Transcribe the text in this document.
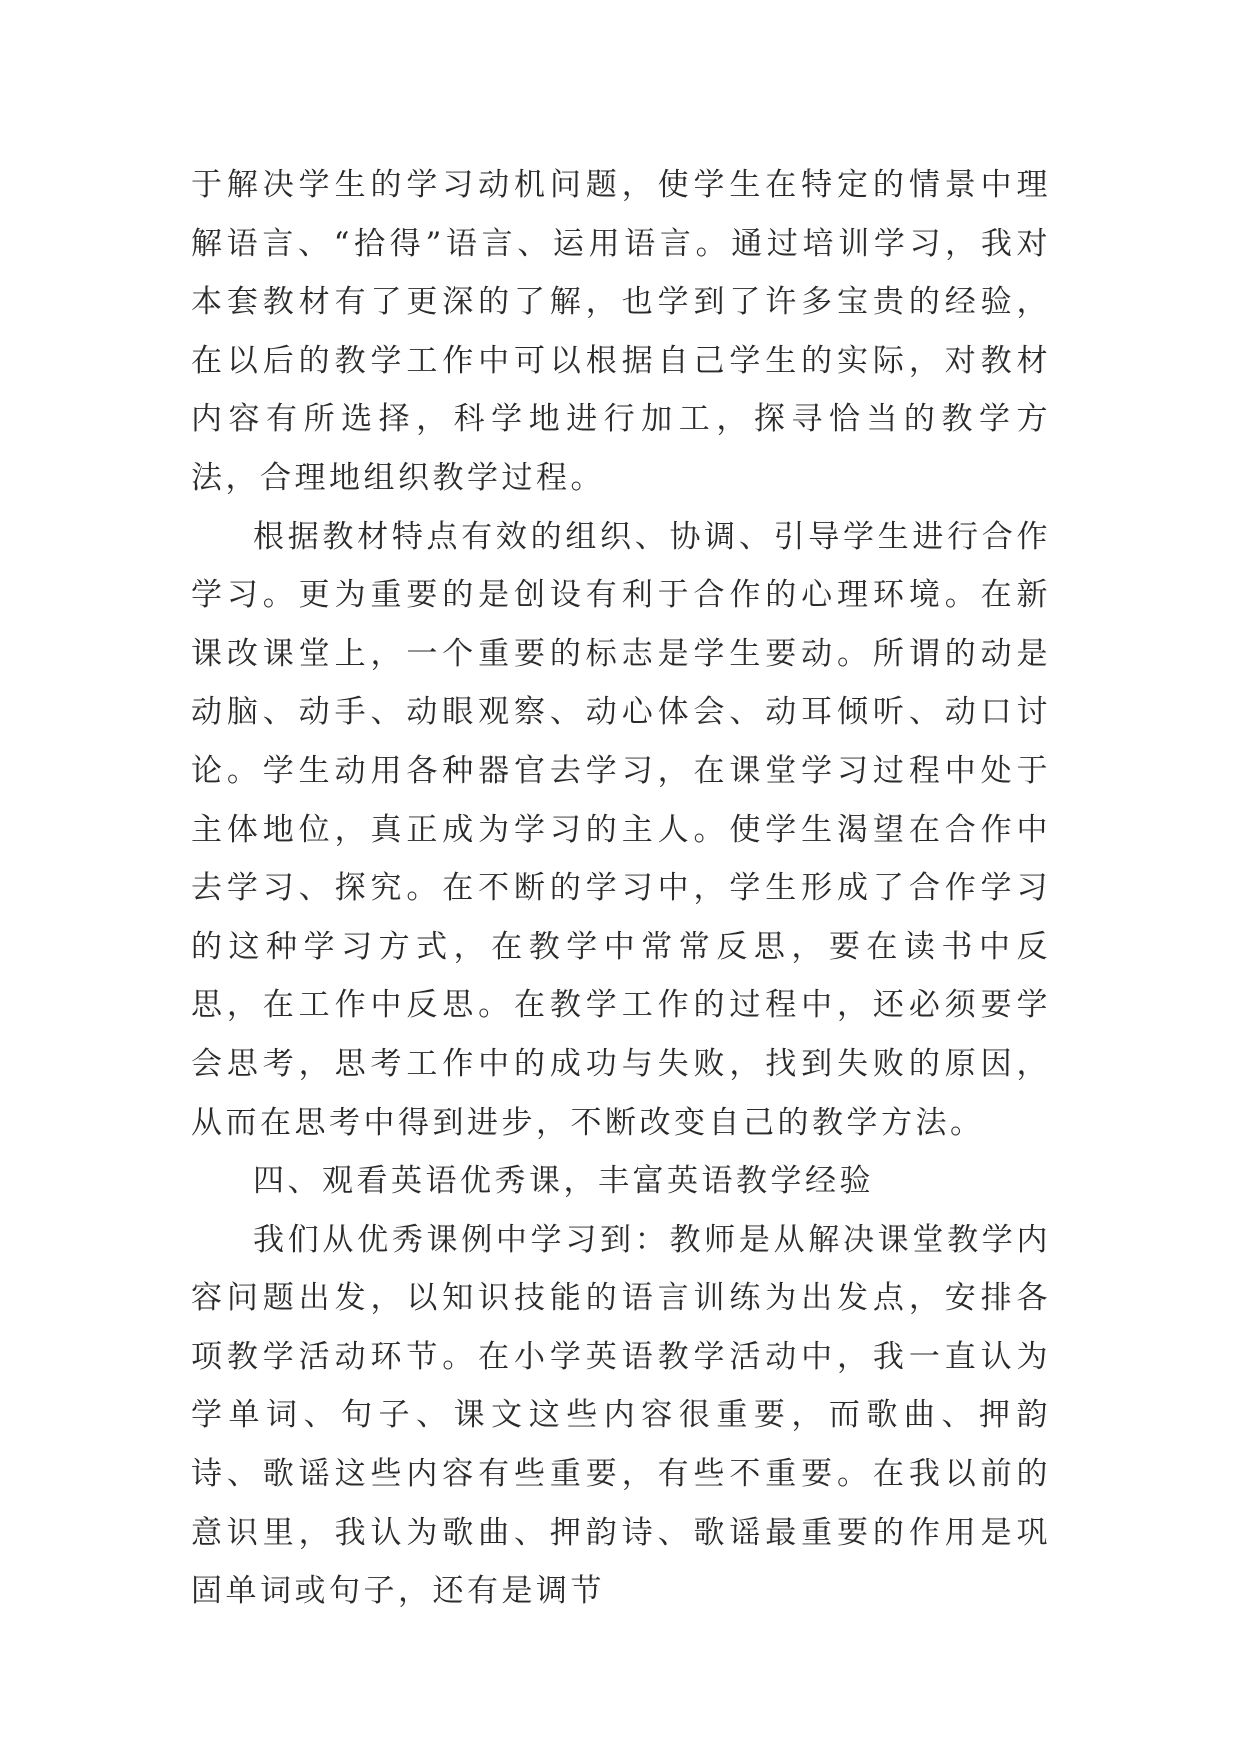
于解决学生的学习动机问题，使学生在特定的情景中理解语言、“拾得”语言、运用语言。通过培训学习，我对本套教材有了更深的了解，也学到了许多宝贵的经验，在以后的教学工作中可以根据自己学生的实际，对教材内容有所选择，科学地进行加工，探寻恰当的教学方法，合理地组织教学过程。

根据教材特点有效的组织、协调、引导学生进行合作学习。更为重要的是创设有利于合作的心理环境。在新课改课堂上，一个重要的标志是学生要动。所谓的动是动脑、动手、动眼观察、动心体会、动耳倾听、动口讨论。学生动用各种器官去学习，在课堂学习过程中处于主体地位，真正成为学习的主人。使学生渴望在合作中去学习、探究。在不断的学习中，学生形成了合作学习的这种学习方式，在教学中常常反思，要在读书中反思，在工作中反思。在教学工作的过程中，还必须要学会思考，思考工作中的成功与失败，找到失败的原因，从而在思考中得到进步，不断改变自己的教学方法。

四、观看英语优秀课，丰富英语教学经验

我们从优秀课例中学习到：教师是从解决课堂教学内容问题出发，以知识技能的语言训练为出发点，安排各项教学活动环节。在小学英语教学活动中，我一直认为学单词、句子、课文这些内容很重要，而歌曲、押韵诗、歌谣这些内容有些重要，有些不重要。在我以前的意识里，我认为歌曲、押韵诗、歌谣最重要的作用是巩固单词或句子，还有是调节
